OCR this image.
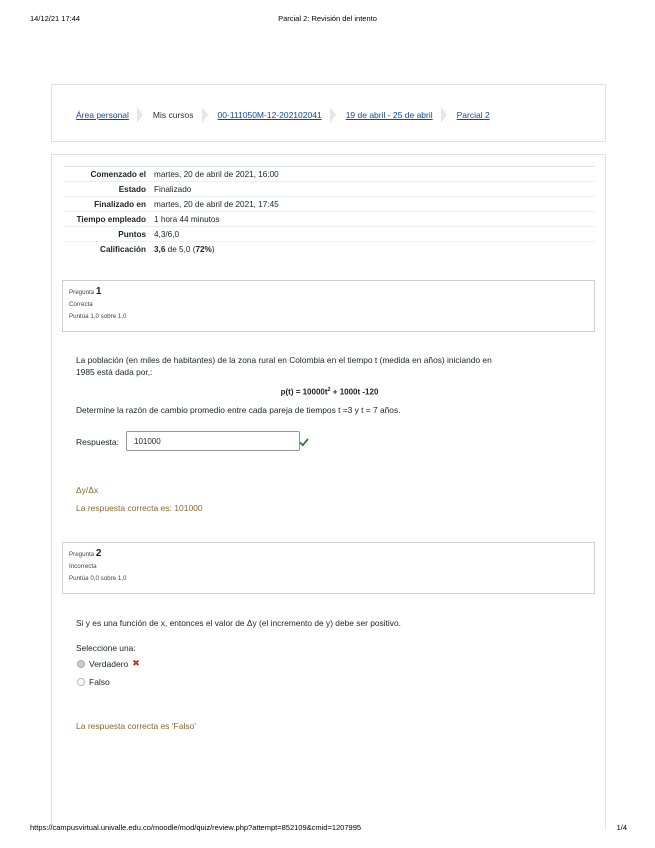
14/12/21 17:44	Parcial 2: Revisión del intento
Área personal	Mis cursos	00-111050M-12-202102041	19 de abril - 25 de abril	Parcial 2
Comenzado el	martes, 20 de abril de 2021, 16:00
Estado	Finalizado
Finalizado en	martes, 20 de abril de 2021, 17:45
Tiempo empleado	1 hora 44 minutos
Puntos	4,3/6,0
Calificación	3,6 de 5,0 (72%)
Pregunta 1
Correcta
Puntúa 1,0 sobre 1,0
La población (en miles de habitantes) de la zona rural en Colombia en el tiempo t (medida en años) iniciando en
1985 está dada por,:
$p(t) = 10000t^2 + 1000t$ -120
Determine la razón de cambio promedio entre cada pareja de tiempos t =3 y t = 7 años.
Respuesta:	101000
Δy/Δx
La respuesta correcta es: 101000
Pregunta 2
Incorrecta
Puntúa 0,0 sobre 1,0
Si y es una función de x, entonces el valor de Δy (el incremento de y) debe ser positivo.
Seleccione una:
Verdadero ✖
Falso
La respuesta correcta es 'Falso'
https://campusvirtual.univalle.edu.co/moodle/mod/quiz/review.php?attempt=852109&cmid=1207995	1/4
